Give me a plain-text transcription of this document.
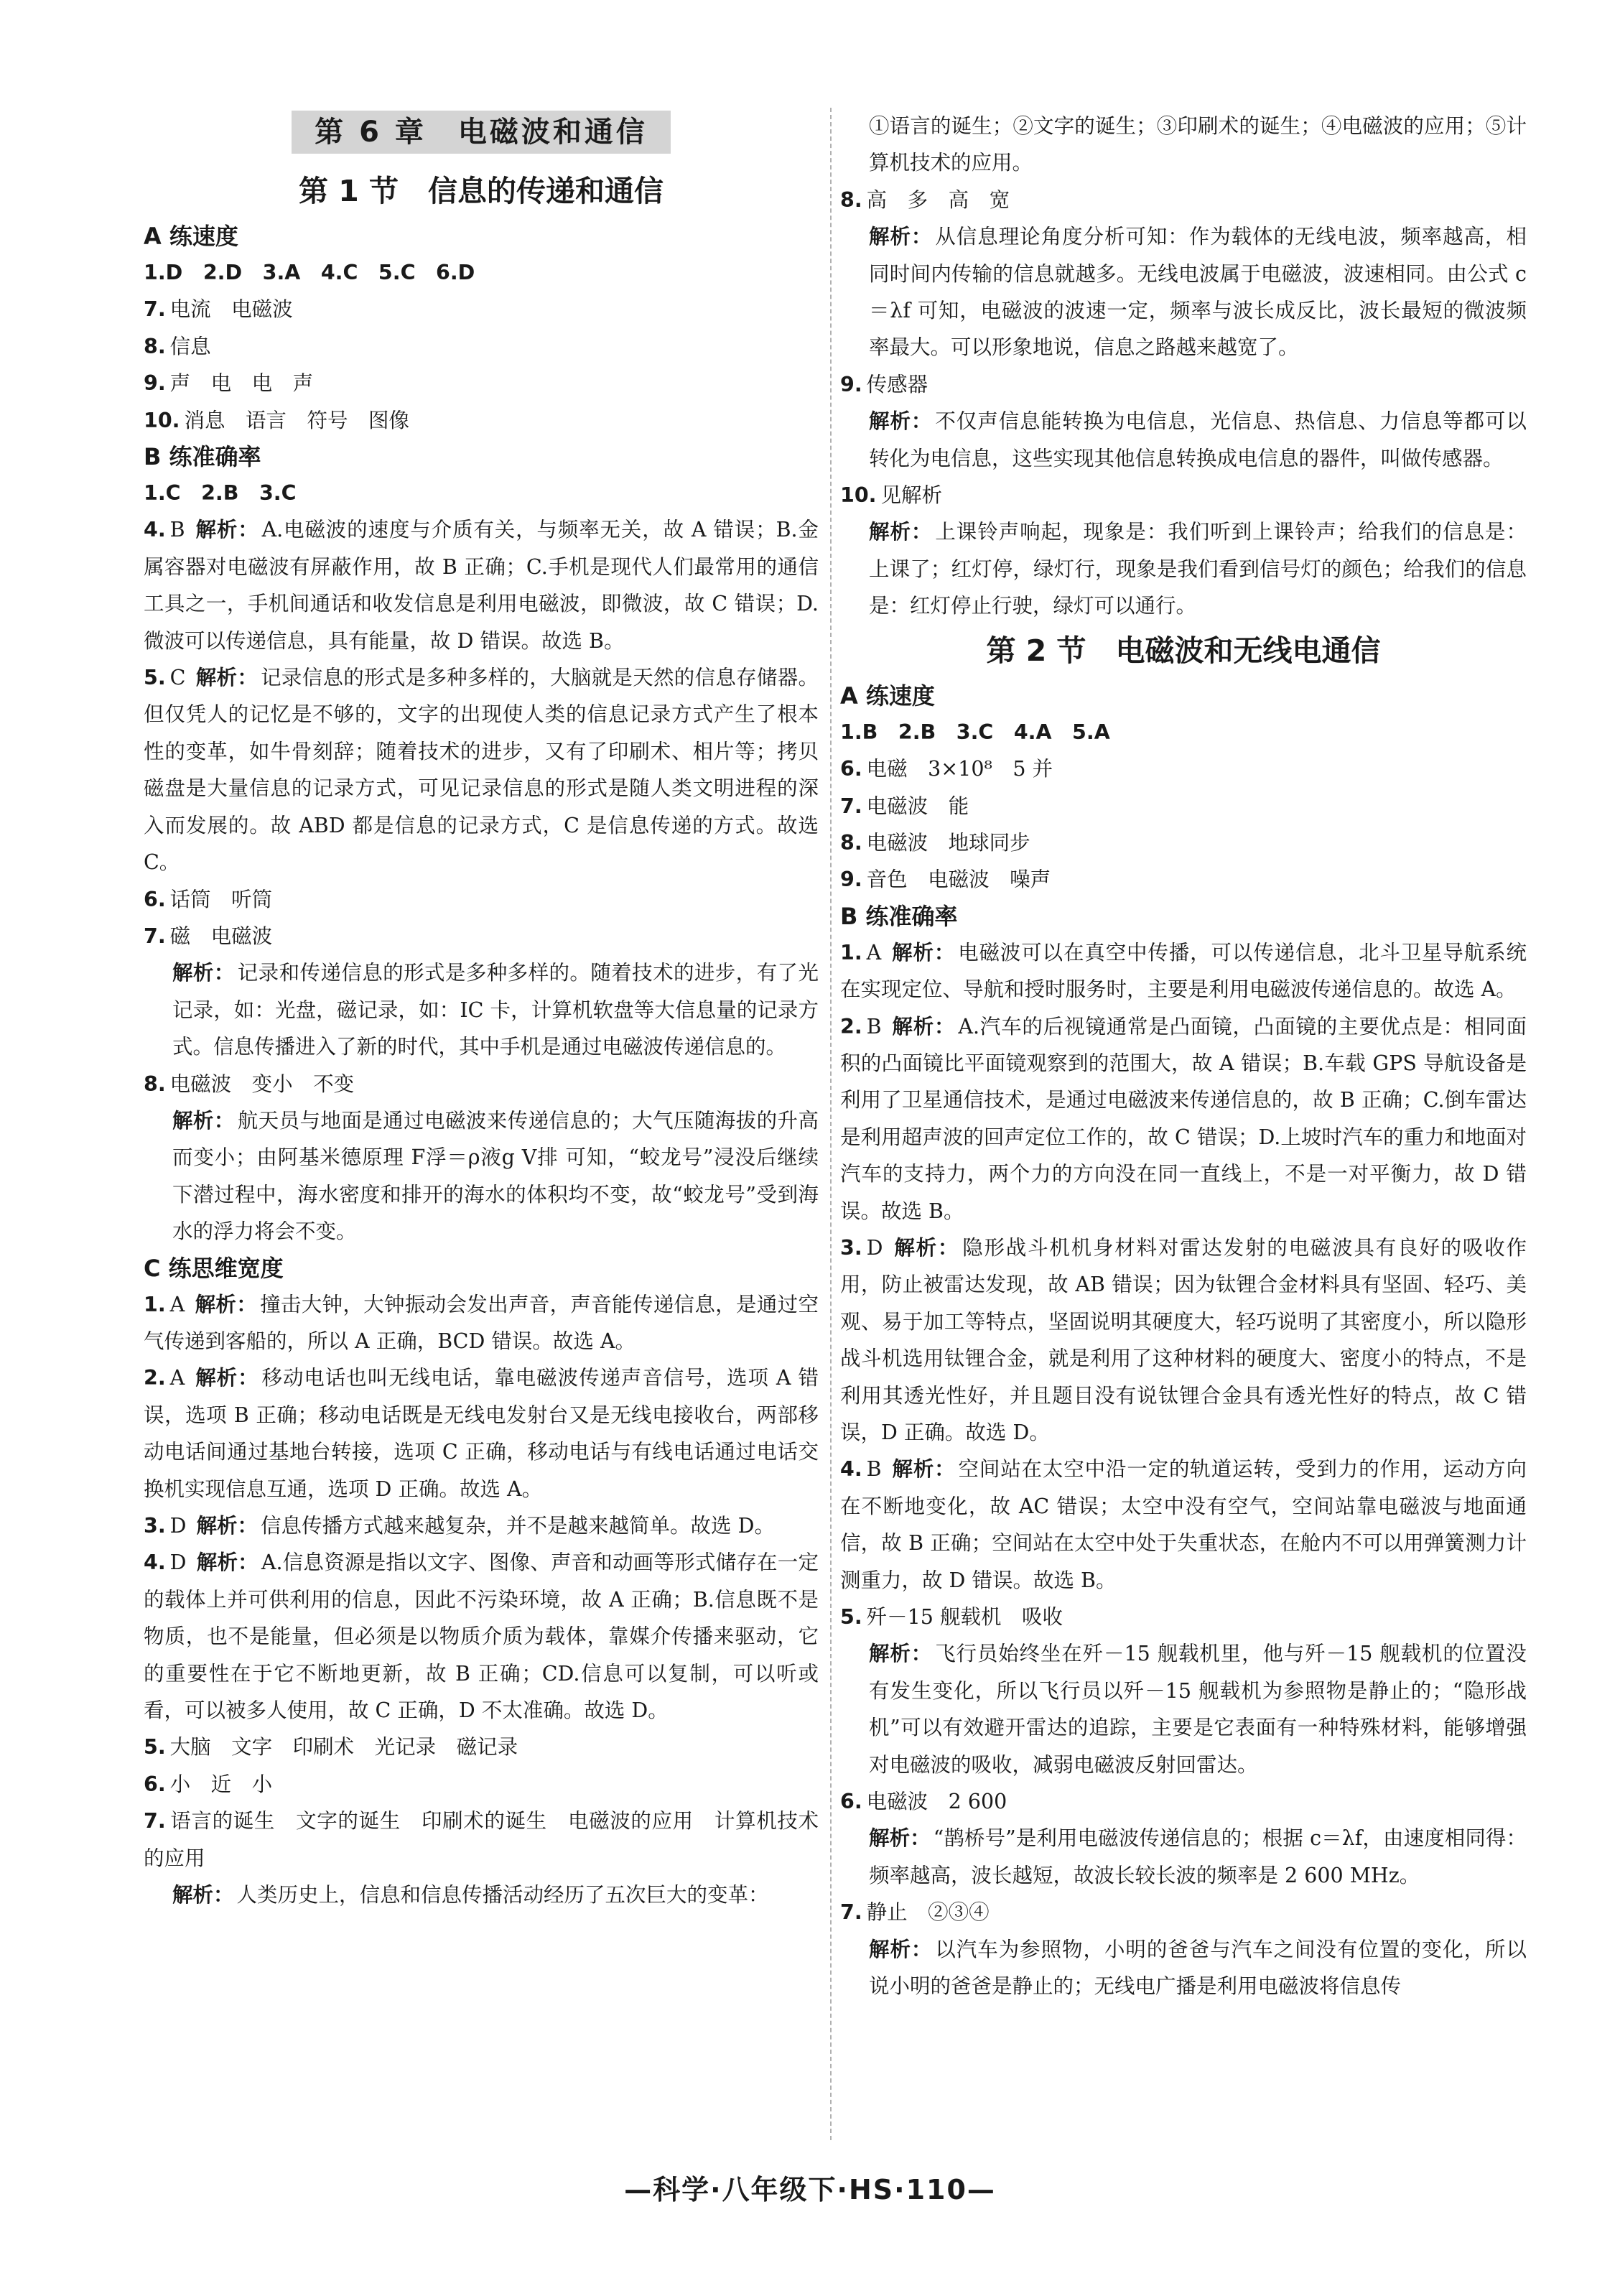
第 6 章　电磁波和通信
第 1 节　信息的传递和通信
A 练速度
1.D　2.D　3.A　4.C　5.C　6.D
7. 电流　电磁波
8. 信息
9. 声　电　电　声
10. 消息　语言　符号　图像
B 练准确率
1.C　2.B　3.C
4. B 解析： A.电磁波的速度与介质有关，与频率无关，故 A 错误；B.金属容器对电磁波有屏蔽作用，故 B 正确；C.手机是现代人们最常用的通信工具之一，手机间通话和收发信息是利用电磁波，即微波，故 C 错误；D.微波可以传递信息，具有能量，故 D 错误。故选 B。
5. C 解析： 记录信息的形式是多种多样的，大脑就是天然的信息存储器。但仅凭人的记忆是不够的，文字的出现使人类的信息记录方式产生了根本性的变革，如牛骨刻辞；随着技术的进步，又有了印刷术、相片等；拷贝磁盘是大量信息的记录方式，可见记录信息的形式是随人类文明进程的深入而发展的。故 ABD 都是信息的记录方式，C 是信息传递的方式。故选 C。
6. 话筒　听筒
7. 磁　电磁波
解析： 记录和传递信息的形式是多种多样的。随着技术的进步，有了光记录，如：光盘，磁记录，如：IC 卡，计算机软盘等大信息量的记录方式。信息传播进入了新的时代，其中手机是通过电磁波传递信息的。
8. 电磁波　变小　不变
解析： 航天员与地面是通过电磁波来传递信息的；大气压随海拔的升高而变小；由阿基米德原理 F浮＝ρ液g V排 可知，“蛟龙号”浸没后继续下潜过程中，海水密度和排开的海水的体积均不变，故“蛟龙号”受到海水的浮力将会不变。
C 练思维宽度
1. A 解析： 撞击大钟，大钟振动会发出声音，声音能传递信息，是通过空气传递到客船的，所以 A 正确，BCD 错误。故选 A。
2. A 解析： 移动电话也叫无线电话，靠电磁波传递声音信号，选项 A 错误，选项 B 正确；移动电话既是无线电发射台又是无线电接收台，两部移动电话间通过基地台转接，选项 C 正确，移动电话与有线电话通过电话交换机实现信息互通，选项 D 正确。故选 A。
3. D 解析： 信息传播方式越来越复杂，并不是越来越简单。故选 D。
4. D 解析： A.信息资源是指以文字、图像、声音和动画等形式储存在一定的载体上并可供利用的信息，因此不污染环境，故 A 正确；B.信息既不是物质，也不是能量，但必须是以物质介质为载体，靠媒介传播来驱动，它的重要性在于它不断地更新，故 B 正确；CD.信息可以复制，可以听或看，可以被多人使用，故 C 正确，D 不太准确。故选 D。
5. 大脑　文字　印刷术　光记录　磁记录
6. 小　近　小
7. 语言的诞生　文字的诞生　印刷术的诞生　电磁波的应用　计算机技术的应用
解析： 人类历史上，信息和信息传播活动经历了五次巨大的变革：
①语言的诞生；②文字的诞生；③印刷术的诞生；④电磁波的应用；⑤计算机技术的应用。
8. 高　多　高　宽
解析： 从信息理论角度分析可知：作为载体的无线电波，频率越高，相同时间内传输的信息就越多。无线电波属于电磁波，波速相同。由公式 c＝λf 可知，电磁波的波速一定，频率与波长成反比，波长最短的微波频率最大。可以形象地说，信息之路越来越宽了。
9. 传感器
解析： 不仅声信息能转换为电信息，光信息、热信息、力信息等都可以转化为电信息，这些实现其他信息转换成电信息的器件，叫做传感器。
10. 见解析
解析： 上课铃声响起，现象是：我们听到上课铃声；给我们的信息是：上课了；红灯停，绿灯行，现象是我们看到信号灯的颜色；给我们的信息是：红灯停止行驶，绿灯可以通行。
第 2 节　电磁波和无线电通信
A 练速度
1.B　2.B　3.C　4.A　5.A
6. 电磁　3×10⁸　5 并
7. 电磁波　能
8. 电磁波　地球同步
9. 音色　电磁波　噪声
B 练准确率
1. A 解析： 电磁波可以在真空中传播，可以传递信息，北斗卫星导航系统在实现定位、导航和授时服务时，主要是利用电磁波传递信息的。故选 A。
2. B 解析： A.汽车的后视镜通常是凸面镜，凸面镜的主要优点是：相同面积的凸面镜比平面镜观察到的范围大，故 A 错误；B.车载 GPS 导航设备是利用了卫星通信技术，是通过电磁波来传递信息的，故 B 正确；C.倒车雷达是利用超声波的回声定位工作的，故 C 错误；D.上坡时汽车的重力和地面对汽车的支持力，两个力的方向没在同一直线上，不是一对平衡力，故 D 错误。故选 B。
3. D 解析： 隐形战斗机机身材料对雷达发射的电磁波具有良好的吸收作用，防止被雷达发现，故 AB 错误；因为钛锂合金材料具有坚固、轻巧、美观、易于加工等特点，坚固说明其硬度大，轻巧说明了其密度小，所以隐形战斗机选用钛锂合金，就是利用了这种材料的硬度大、密度小的特点，不是利用其透光性好，并且题目没有说钛锂合金具有透光性好的特点，故 C 错误，D 正确。故选 D。
4. B 解析： 空间站在太空中沿一定的轨道运转，受到力的作用，运动方向在不断地变化，故 AC 错误；太空中没有空气，空间站靠电磁波与地面通信，故 B 正确；空间站在太空中处于失重状态，在舱内不可以用弹簧测力计测重力，故 D 错误。故选 B。
5. 歼－15 舰载机　吸收
解析： 飞行员始终坐在歼－15 舰载机里，他与歼－15 舰载机的位置没有发生变化，所以飞行员以歼－15 舰载机为参照物是静止的；“隐形战机”可以有效避开雷达的追踪，主要是它表面有一种特殊材料，能够增强对电磁波的吸收，减弱电磁波反射回雷达。
6. 电磁波　2 600
解析： “鹊桥号”是利用电磁波传递信息的；根据 c＝λf，由速度相同得：频率越高，波长越短，故波长较长波的频率是 2 600 MHz。
7. 静止　②③④
解析： 以汽车为参照物，小明的爸爸与汽车之间没有位置的变化，所以说小明的爸爸是静止的；无线电广播是利用电磁波将信息传
—科学·八年级下·HS·110—
